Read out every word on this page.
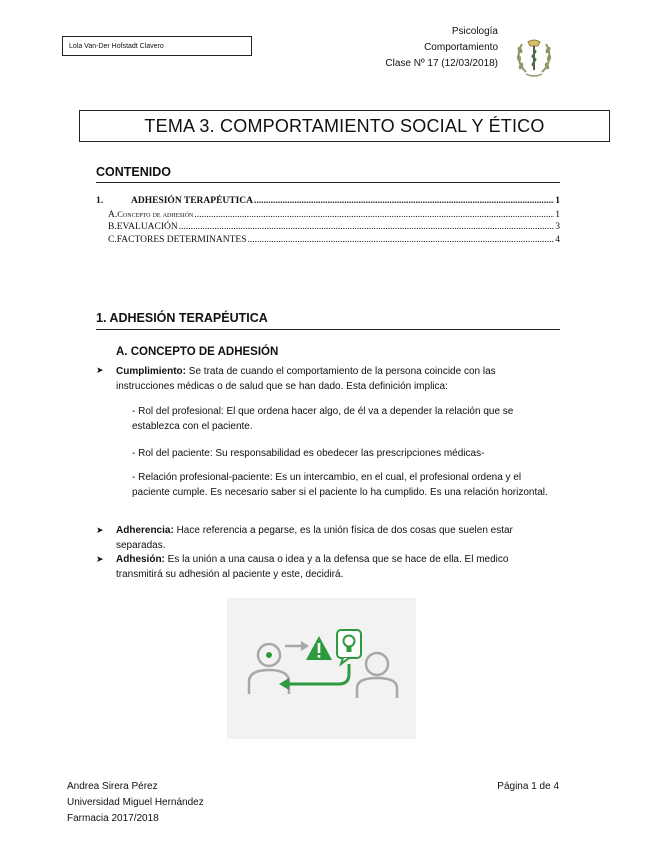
Lola Van-Der Hofstadt Clavero
Psicología
Comportamiento
Clase Nº 17 (12/03/2018)
TEMA 3. COMPORTAMIENTO SOCIAL Y ÉTICO
CONTENIDO
1.	ADHESIÓN TERAPÉUTICA .....	1
A. Concepto de adhesión .....	1
B. EVALUACIÓN .....	3
C. FACTORES DETERMINANTES .....	4
1. ADHESIÓN TERAPÉUTICA
A. CONCEPTO DE ADHESIÓN
➤ Cumplimiento: Se trata de cuando el comportamiento de la persona coincide con las instrucciones médicas o de salud que se han dado. Esta definición implica:
- Rol del profesional: El que ordena hacer algo, de él va a depender la relación que se establezca con el paciente.
- Rol del paciente: Su responsabilidad es obedecer las prescripciones médicas-
- Relación profesional-paciente: Es un intercambio, en el cual, el profesional ordena y el paciente cumple. Es necesario saber si el paciente lo ha cumplido. Es una relación horizontal.
➤ Adherencia: Hace referencia a pegarse, es la unión física de dos cosas que suelen estar separadas.
➤ Adhesión: Es la unión a una causa o idea y a la defensa que se hace de ella. El medico transmitirá su adhesión al paciente y este, decidirá.
Andrea Sirera Pérez
Universidad Miguel Hernández
Farmacia 2017/2018
Página 1 de 4
